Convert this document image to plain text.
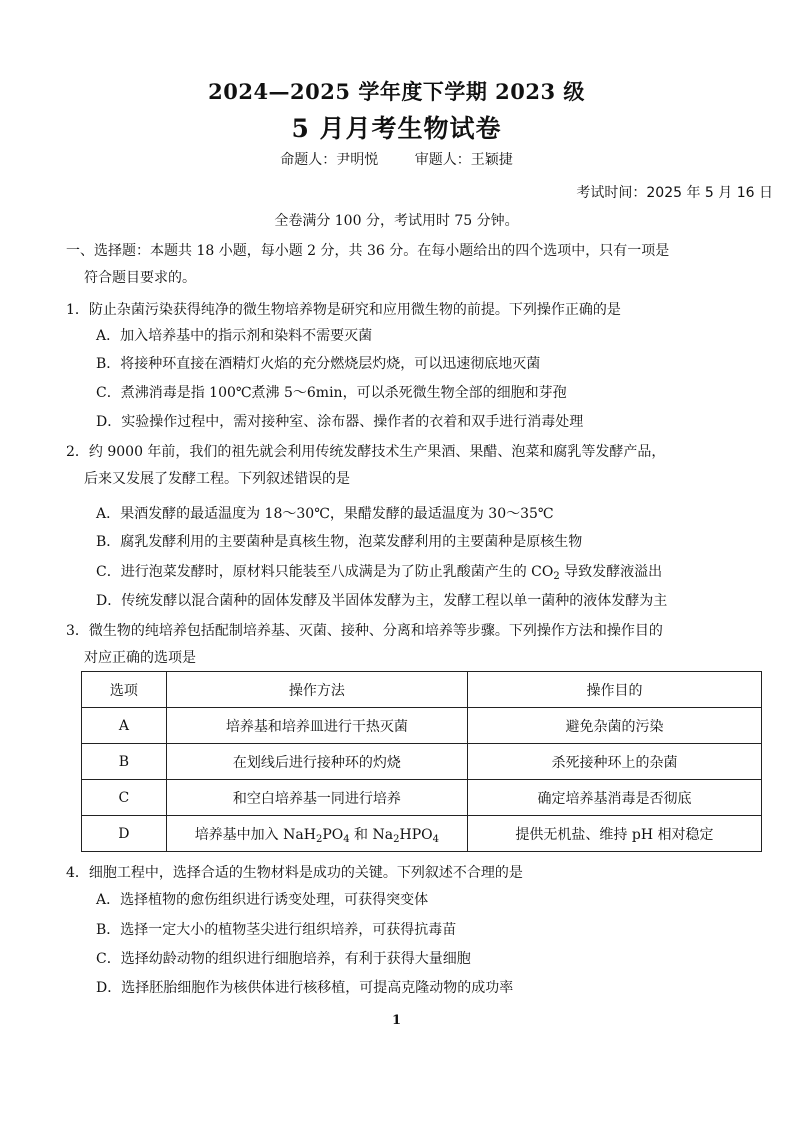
2024—2025 学年度下学期 2023 级
5 月月考生物试卷
命题人：尹明悦	审题人：王颖捷
考试时间：2025 年 5 月 16 日
全卷满分 100 分，考试用时 75 分钟。
一、选择题：本题共 18 小题，每小题 2 分，共 36 分。在每小题给出的四个选项中，只有一项是
符合题目要求的。
1．防止杂菌污染获得纯净的微生物培养物是研究和应用微生物的前提。下列操作正确的是
A．加入培养基中的指示剂和染料不需要灭菌
B．将接种环直接在酒精灯火焰的充分燃烧层灼烧，可以迅速彻底地灭菌
C．煮沸消毒是指 100℃煮沸 5～6min，可以杀死微生物全部的细胞和芽孢
D．实验操作过程中，需对接种室、涂布器、操作者的衣着和双手进行消毒处理
2．约 9000 年前，我们的祖先就会利用传统发酵技术生产果酒、果醋、泡菜和腐乳等发酵产品，
后来又发展了发酵工程。下列叙述错误的是
A．果酒发酵的最适温度为 18～30℃，果醋发酵的最适温度为 30～35℃
B．腐乳发酵利用的主要菌种是真核生物，泡菜发酵利用的主要菌种是原核生物
C．进行泡菜发酵时，原材料只能装至八成满是为了防止乳酸菌产生的 $CO_2$ 导致发酵液溢出
D．传统发酵以混合菌种的固体发酵及半固体发酵为主，发酵工程以单一菌种的液体发酵为主
3．微生物的纯培养包括配制培养基、灭菌、接种、分离和培养等步骤。下列操作方法和操作目的
对应正确的选项是
选项	操作方法	操作目的
A	培养基和培养皿进行干热灭菌	避免杂菌的污染
B	在划线后进行接种环的灼烧	杀死接种环上的杂菌
C	和空白培养基一同进行培养	确定培养基消毒是否彻底
D	培养基中加入 $NaH_2PO_4$ 和 $Na_2HPO_4$	提供无机盐、维持 pH 相对稳定
4．细胞工程中，选择合适的生物材料是成功的关键。下列叙述不合理的是
A．选择植物的愈伤组织进行诱变处理，可获得突变体
B．选择一定大小的植物茎尖进行组织培养，可获得抗毒苗
C．选择幼龄动物的组织进行细胞培养，有利于获得大量细胞
D．选择胚胎细胞作为核供体进行核移植，可提高克隆动物的成功率
1
